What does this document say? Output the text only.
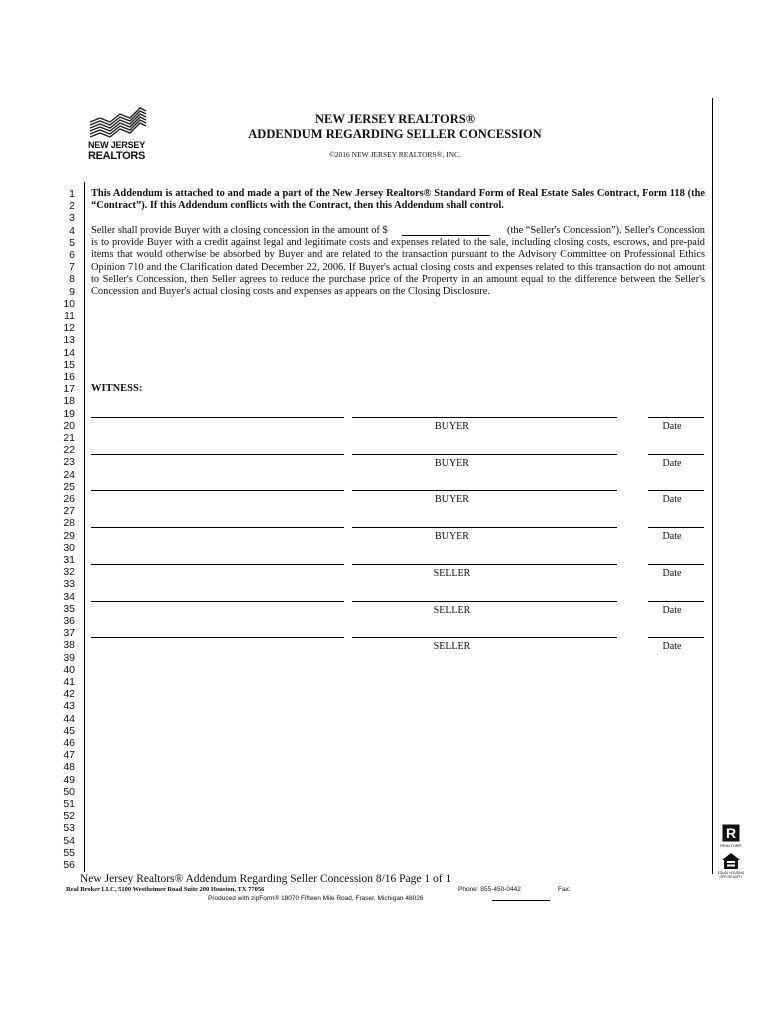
NEW JERSEY
REALTORS
NEW JERSEY REALTORS®
ADDENDUM REGARDING SELLER CONCESSION
©2016 NEW JERSEY REALTORS®, INC.
1
2
3
4
5
6
7
8
9
10
11
12
13
14
15
16
17
18
19
20
21
22
23
24
25
26
27
28
29
30
31
32
33
34
35
36
37
38
39
40
41
42
43
44
45
46
47
48
49
50
51
52
53
54
55
56
This Addendum is attached to and made a part of the New Jersey Realtors® Standard Form of Real Estate Sales Contract, Form 118 (the “Contract”). If this Addendum conflicts with the Contract, then this Addendum shall control.
Seller shall provide Buyer with a closing concession in the amount of $	(the “Seller's Concession”). Seller's Concession
is to provide Buyer with a credit against legal and legitimate costs and expenses related to the sale, including closing costs, escrows, and pre-paid items that would otherwise be absorbed by Buyer and are related to the transaction pursuant to the Advisory Committee on Professional Ethics Opinion 710 and the Clarification dated December 22, 2006. If Buyer's actual closing costs and expenses related to this transaction do not amount to Seller's Concession, then Seller agrees to reduce the purchase price of the Property in an amount equal to the difference between the Seller's Concession and Buyer's actual closing costs and expenses as appears on the Closing Disclosure.
WITNESS:
BUYER	Date
BUYER	Date
BUYER	Date
BUYER	Date
SELLER	Date
SELLER	Date
SELLER	Date
New Jersey Realtors® Addendum Regarding Seller Concession 8/16 Page 1 of 1
Real Broker LLC, 5100 Westheimer Road Suite 200 Houston, TX 77056	Phone: 855-450-0442	Fax:
Produced with zipForm® 18070 Fifteen Mile Road, Fraser, Michigan 48026
R
REALTOR®
EQUAL HOUSING OPPORTUNITY
